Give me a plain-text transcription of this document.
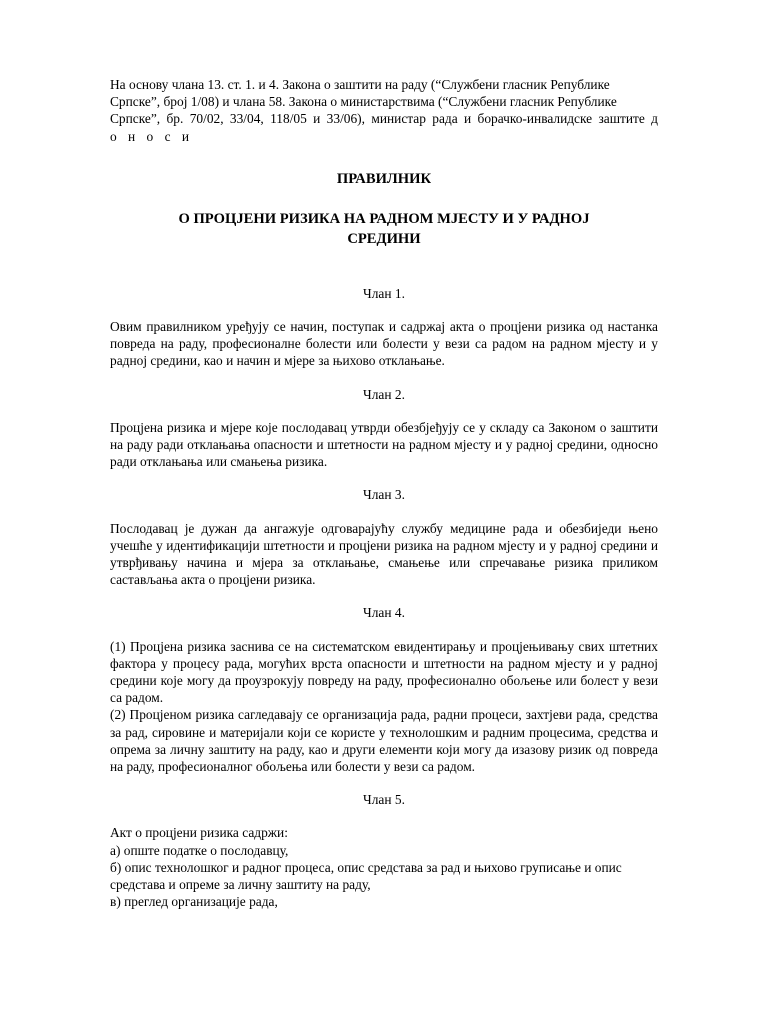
На основу члана 13. ст. 1. и 4. Закона о заштити на раду (“Службени гласник Републике

Српске”, број 1/08) и члана 58. Закона о министарствима (“Службени гласник Републике

Српске”, бр. 70/02, 33/04, 118/05 и 33/06), министар рада и борачко-инвалидске заштите д

о н о с и

ПРАВИЛНИК

О ПРОЦЈЕНИ РИЗИКА НА РАДНОМ МЈЕСТУ И У РАДНОЈ

СРЕДИНИ

Члан 1.

Овим правилником уређују се начин, поступак и садржај акта о процјени ризика од настанка повреда на раду, професионалне болести или болести у вези са радом на радном мјесту и у радној средини, као и начин и мјере за њихово отклањање.

Члан 2.

Процјена ризика и мјере које послодавац утврди обезбјеђују се у складу са Законом о заштити на раду ради отклањања опасности и штетности на радном мјесту и у радној средини, односно ради отклањања или смањења ризика.

Члан 3.

Послодавац је дужан да ангажује одговарајућу службу медицине рада и обезбиједи њено учешће у идентификацији штетности и процјени ризика на радном мјесту и у радној средини и утврђивању начина и мјера за отклањање, смањење или спречавање ризика приликом састављања акта о процјени ризика.

Члан 4.

(1) Процјена ризика заснива се на систематском евидентирању и процјењивању свих штетних фактора у процесу рада, могућих врста опасности и штетности на радном мјесту и у радној средини које могу да проузрокују повреду на раду, професионално обољење или болест у вези са радом.

(2) Процјеном ризика сагледавају се организација рада, радни процеси, захтјеви рада, средства за рад, сировине и материјали који се користе у технолошким и радним процесима, средства и опрема за личну заштиту на раду, као и други елементи који могу да изазову ризик од повреда на раду, професионалног обољења или болести у вези са радом.

Члан 5.

Акт о процјени ризика садржи:

а) опште податке о послодавцу,

б) опис технолошког и радног процеса, опис средстава за рад и њихово груписање и опис средстава и опреме за личну заштиту на раду,

в) преглед организације рада,
